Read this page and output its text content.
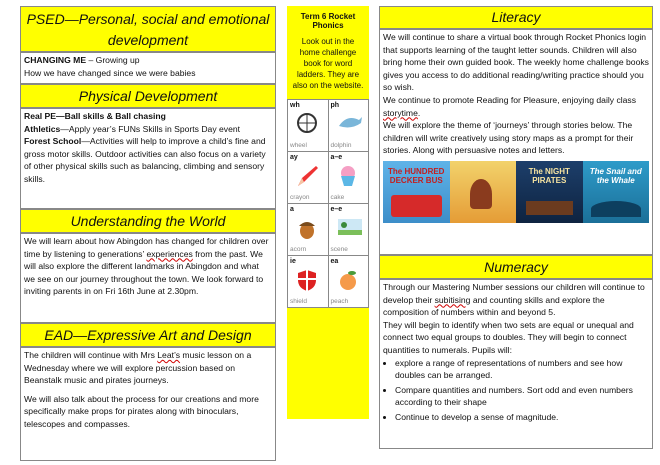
PSED—Personal, social and emotional
development

CHANGING ME – Growing up

How we have changed since we were babies

Physical Development

Real PE—Ball skills & Ball chasing

Athletics—Apply year’s FUNs Skills in Sports Day event

Forest School—Activities will help to improve a child’s fine and gross motor skills. Outdoor activities can also focus on a variety of other physical skills such as balancing, climbing and sensory skills.

Understanding the World

We will learn about how Abingdon has changed for children over time by listening to generations’ experiences from the past. We will also explore the different landmarks in Abingdon and what we see on our journey throughout the town. We look forward to inviting parents in on Fri 16th June at 2.30pm.

EAD—Expressive Art and Design

The children will continue with Mrs Leat’s music lesson on a Wednesday where we will explore percussion based on Beanstalk music and pirates journeys.

We will also talk about the process for our creations and more specifically make props for pirates along with binoculars, telescopes and compasses.

Term 6 Rocket Phonics
Look out in the home challenge book for word ladders. They are also on the website.
wh
wheel
ph
dolphin
ay
crayon
a–e
cake
a
acorn
e–e
scene
ie
shield
ea
peach
Literacy

We will continue to share a virtual book through Rocket Phonics login that supports learning of the taught letter sounds. Children will also bring home their own guided book. The weekly home challenge books gives you access to do additional reading/writing practice should you so wish.

We continue to promote Reading for Pleasure, enjoying daily class storytime.

We will explore the theme of ‘journeys’ through stories below. The children will write creatively using story maps as a prompt for their stories. Along with persuasive notes and letters.

The HUNDRED DECKER BUS
The NIGHT PIRATES
The Snail and the Whale
Numeracy

Through our Mastering Number sessions our children will continue to develop their subitising and counting skills and explore the composition of numbers within and beyond 5.

They will begin to identify when two sets are equal or unequal and connect two equal groups to doubles. They will begin to connect quantities to numerals. Pupils will:

• explore a range of representations of numbers and see how doubles can be arranged.
• Compare quantities and numbers. Sort odd and even numbers according to their shape
• Continue to develop a sense of magnitude.
